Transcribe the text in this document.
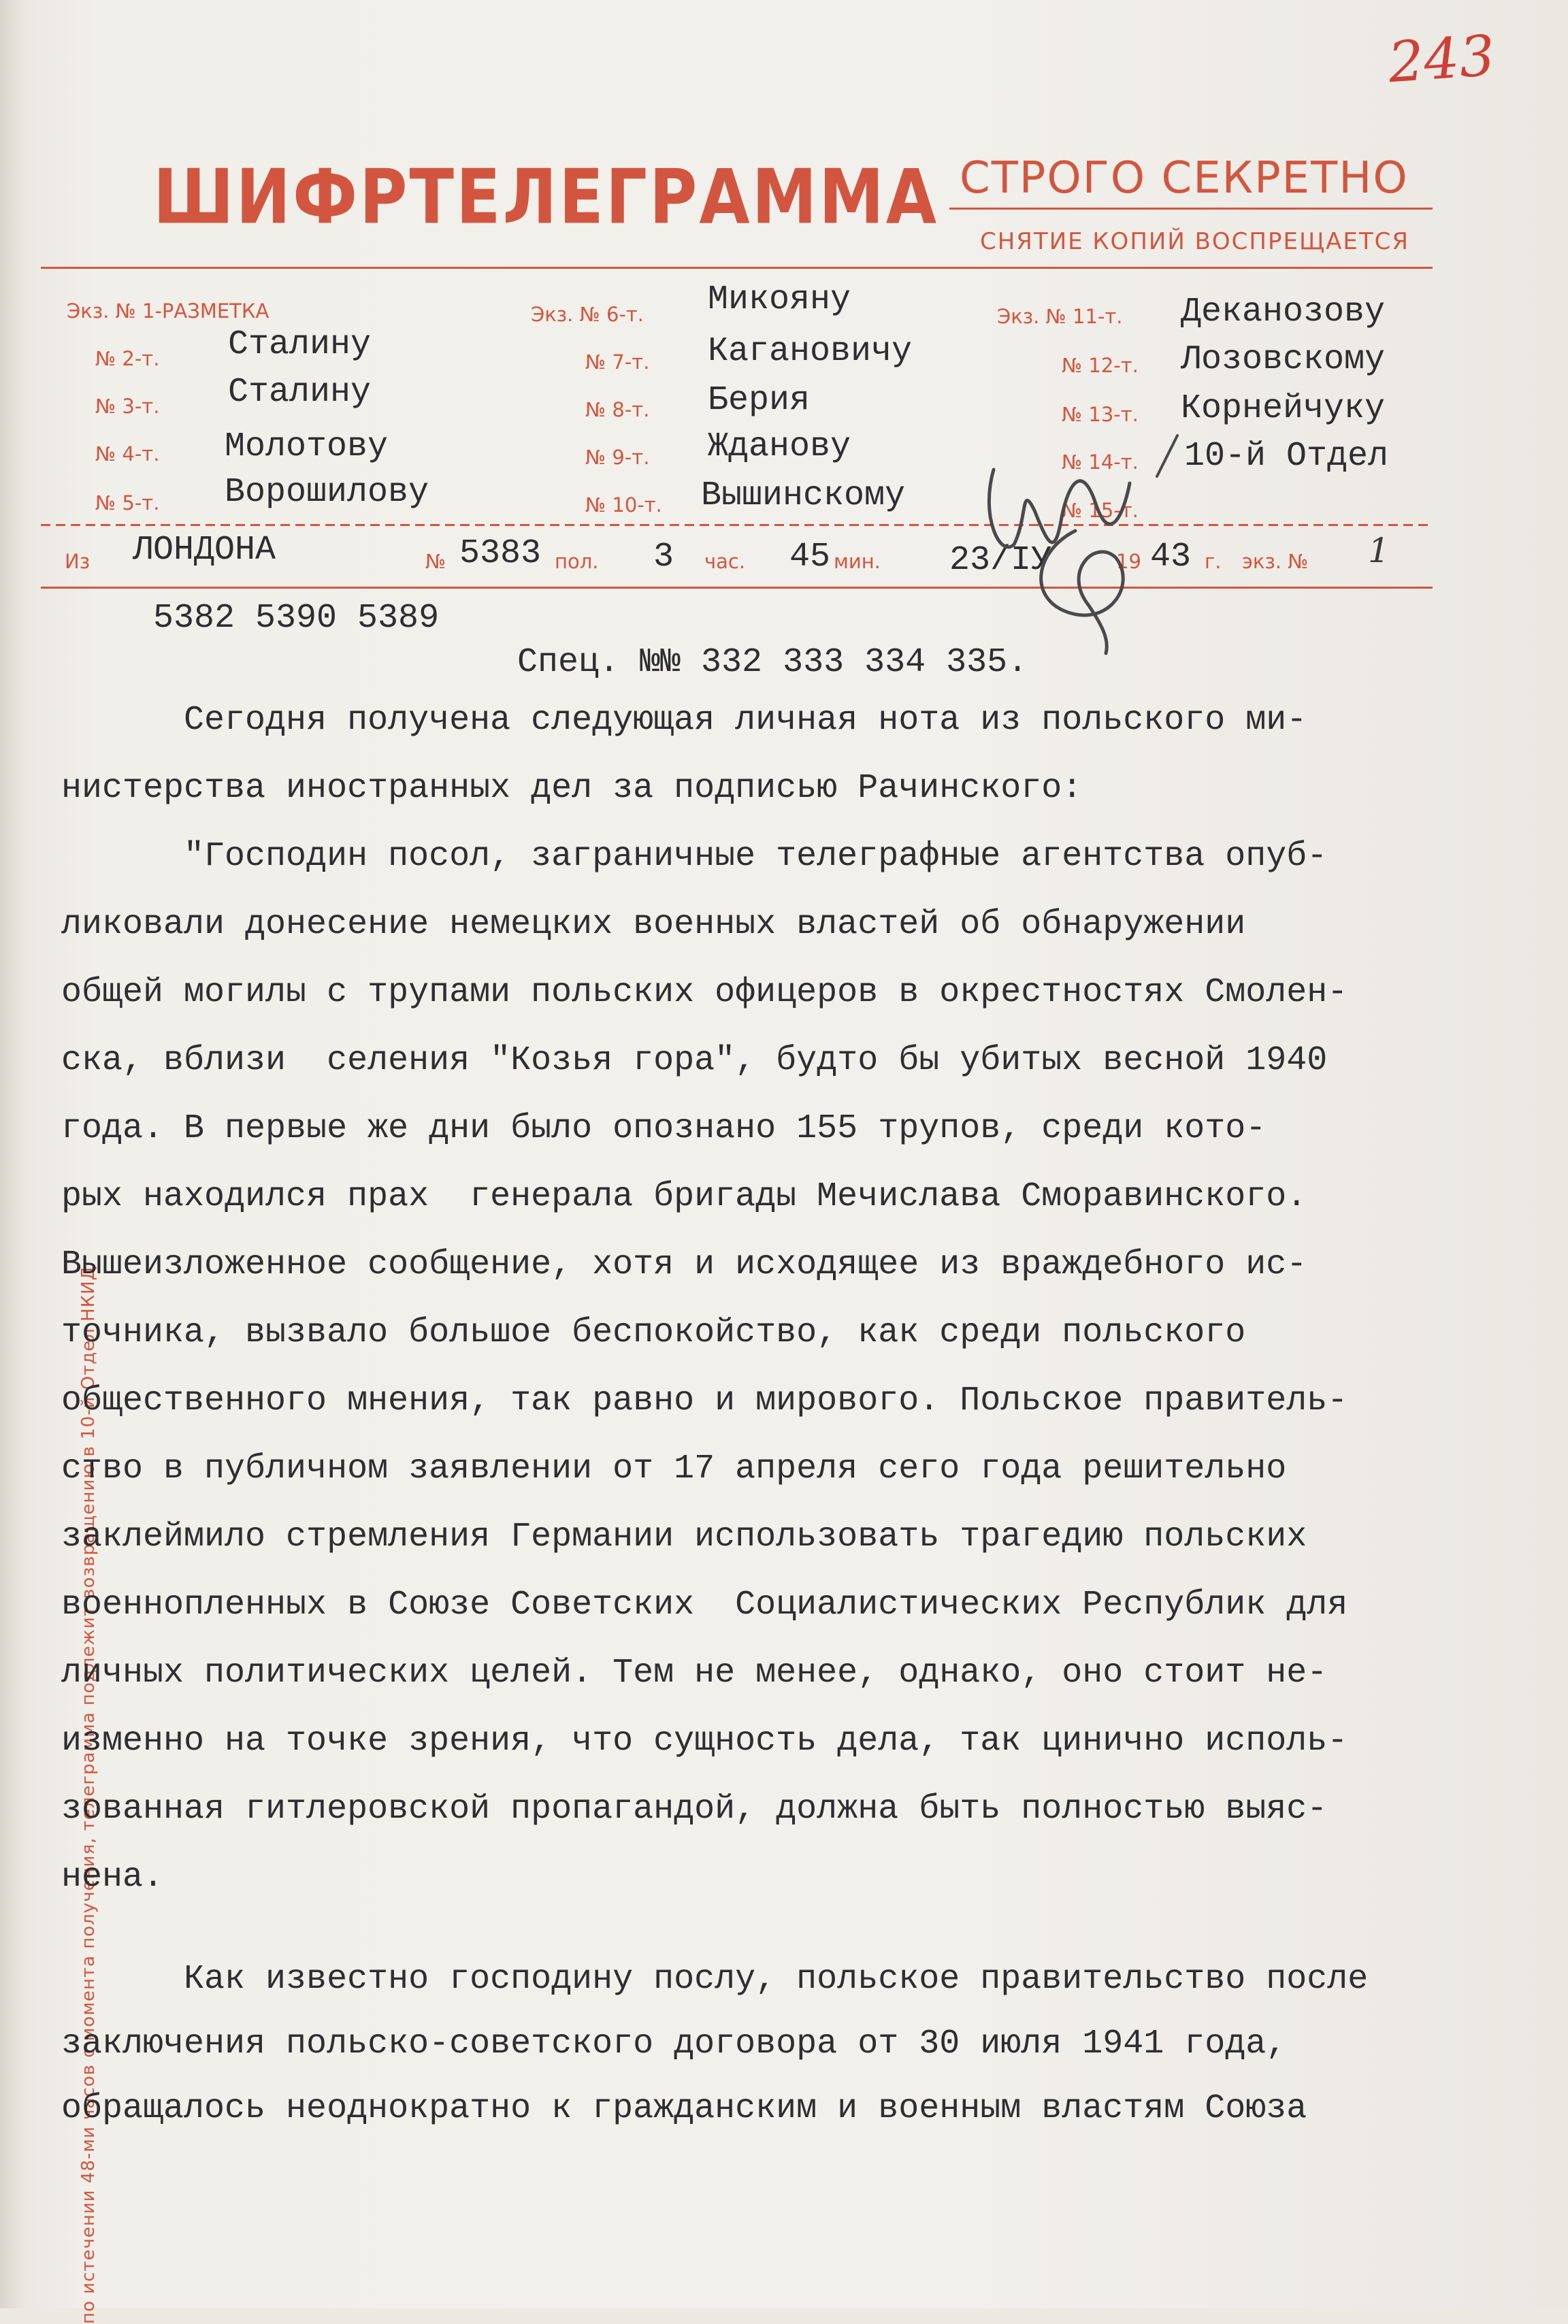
по истечении 48-ми часов с момента получения, телеграмма подлежит возвращению в 10-й Отдел НКИД
243
ШИФРТЕЛЕГРАММА СТРОГО СЕКРЕТНО
СНЯТИЕ КОПИЙ ВОСПРЕЩАЕТСЯ
Экз. № 1-РАЗМЕТКА
№ 2-т. Сталину
№ 3-т. Сталину
№ 4-т. Молотову
№ 5-т. Ворошилову
Экз. № 6-т. Микояну
№ 7-т. Кагановичу
№ 8-т. Берия
№ 9-т. Жданову
№ 10-т. Вышинскому
Экз. № 11-т. Деканозову
№ 12-т. Лозовскому
№ 13-т. Корнейчуку
№ 14-т. 10-й Отдел
№ 15-т.
Из ЛОНДОНА	№ 5383 пол. 3 час. 45 мин. 23/IУ	19 43 г. экз. № 1
5382 5390 5389
Спец. №№ 332 333 334 335.
Сегодня получена следующая личная нота из польского ми-
нистерства иностранных дел за подписью Рачинского:
"Господин посол, заграничные телеграфные агентства опуб-
ликовали донесение немецких военных властей об обнаружении
общей могилы с трупами польских офицеров в окрестностях Смолен-
ска, вблизи  селения "Козья гора", будто бы убитых весной 1940
года. В первые же дни было опознано 155 трупов, среди кото-
рых находился прах  генерала бригады Мечислава Сморавинского.
Вышеизложенное сообщение, хотя и исходящее из враждебного ис-
точника, вызвало большое беспокойство, как среди польского
общественного мнения, так равно и мирового. Польское правитель-
ство в публичном заявлении от 17 апреля сего года решительно
заклеймило стремления Германии использовать трагедию польских
военнопленных в Союзе Советских  Социалистических Республик для
личных политических целей. Тем не менее, однако, оно стоит не-
изменно на точке зрения, что сущность дела, так цинично исполь-
зованная гитлеровской пропагандой, должна быть полностью выяс-
нена.
Как известно господину послу, польское правительство после
заключения польско-советского договора от 30 июля 1941 года,
обращалось неоднократно к гражданским и военным властям Союза
